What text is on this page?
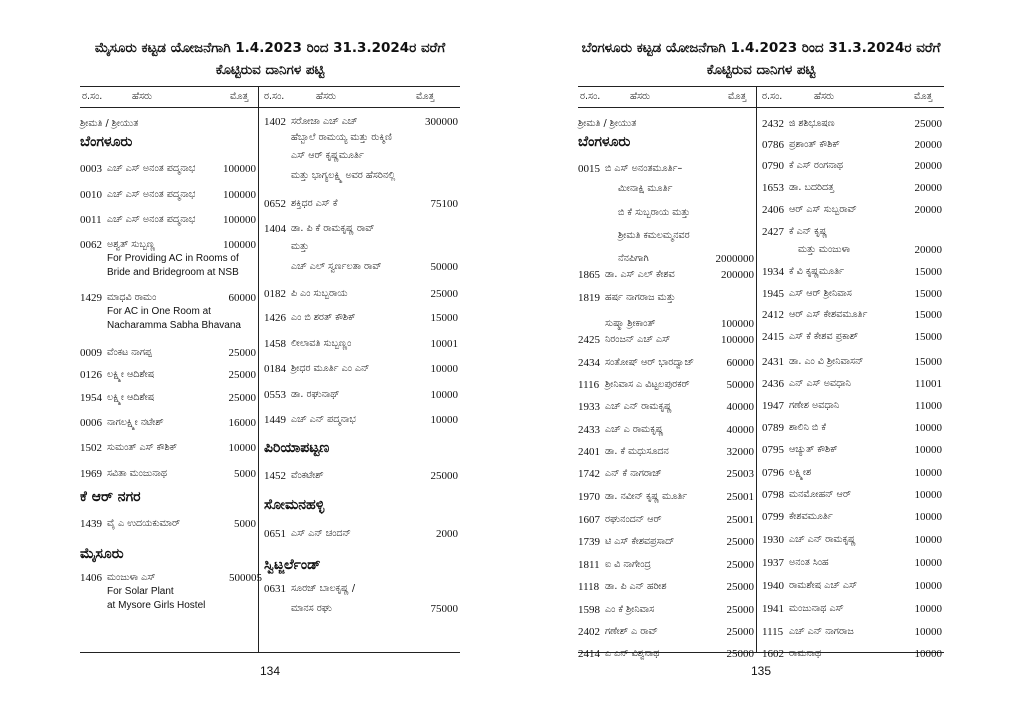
ಮೈಸೂರು ಕಟ್ಟಡ ಯೋಜನೆಗಾಗಿ 1.4.2023 ರಿಂದ 31.3.2024ರ ವರೆಗೆ
ಕೊಟ್ಟಿರುವ ದಾನಿಗಳ ಪಟ್ಟಿ
ರ.ಸಂ.	ಹೆಸರು	ಮೊತ್ತ ರ.ಸಂ.	ಹೆಸರು	ಮೊತ್ತ
ಶ್ರೀಮತಿ / ಶ್ರೀಯುತ
ಬೆಂಗಳೂರು
0003 ಎಚ್ ಎಸ್ ಅನಂತ ಪದ್ಮನಾಭ	100000
0010 ಎಚ್ ಎಸ್ ಅನಂತ ಪದ್ಮನಾಭ	100000
0011 ಎಚ್ ಎಸ್ ಅನಂತ ಪದ್ಮನಾಭ	100000
0062 ಅಶ್ವತ್ ಸುಬ್ಬಣ್ಣ	100000
For Providing AC in Rooms of
Bride and Bridegroom at NSB
1429 ಮಾಧವಿ ರಾಮಂ	60000
For AC in One Room at
Nacharamma Sabha Bhavana
0009 ವೆಂಕಟ ನಾಗಪ್ಪ	25000
0126 ಲಕ್ಷ್ಮೀ ಆದಿಶೇಷ	25000
1954 ಲಕ್ಷ್ಮೀ ಆದಿಶೇಷ	25000
0006 ನಾಗಲಕ್ಷ್ಮೀ ನಟೇಶ್	16000
1502 ಸುಮಂತ್ ಎಸ್ ಕೌಶಿಕ್	10000
1969 ಸವಿತಾ ಮಂಜುನಾಥ	5000
ಕೆ ಆರ್ ನಗರ
1439 ವೈ ಎ ಉದಯಕುಮಾರ್	5000
ಮೈಸೂರು
1406 ಮಂಜುಳಾ ಎಸ್	500005
For Solar Plant
at Mysore Girls Hostel
1402 ಸರೋಜಾ ಎಚ್ ಎಚ್	300000
ಹೆಬ್ಬಾಲೆ ರಾಮಯ್ಯ ಮತ್ತು ರುಕ್ಮಿಣಿ
ಎಸ್ ಆರ್ ಕೃಷ್ಣಮೂರ್ತಿ
ಮತ್ತು ಭಾಗ್ಯಲಕ್ಷ್ಮಿ ಅವರ ಹೆಸರಿನಲ್ಲಿ
0652 ಶಕ್ತಿಧರ ಎಸ್ ಕೆ	75100
1404 ಡಾ. ಪಿ ಕೆ ರಾಮಕೃಷ್ಣ ರಾವ್
ಮತ್ತು
ಎಚ್ ಎಲ್ ಸ್ವರ್ಣಲತಾ ರಾವ್	50000
0182 ಪಿ ಎಂ ಸುಬ್ಬರಾಯ	25000
1426 ಎಂ ಬಿ ಶರತ್ ಕೌಶಿಕ್	15000
1458 ಲೀಲಾವತಿ ಸುಬ್ಬಣ್ಣಂ	10001
0184 ಶ್ರೀಧರ ಮೂರ್ತಿ ಎಂ ಎನ್	10000
0553 ಡಾ. ರಘುನಾಥ್	10000
1449 ಎಚ್ ಎನ್ ಪದ್ಮನಾಭ	10000
ಪಿರಿಯಾಪಟ್ಟಣ
1452 ವೆಂಕಟೇಶ್	25000
ಸೋಮನಹಳ್ಳಿ
0651 ಎಸ್ ಎನ್ ಚಂದನ್	2000
ಸ್ವಿಟ್ಜರ್ಲೆಂಡ್
0631 ಸೂರಜ್ ಬಾಲಕೃಷ್ಣ /
ಮಾನಸ ರಘು	75000
134
ಬೆಂಗಳೂರು ಕಟ್ಟಡ ಯೋಜನೆಗಾಗಿ 1.4.2023 ರಿಂದ 31.3.2024ರ ವರೆಗೆ
ಕೊಟ್ಟಿರುವ ದಾನಿಗಳ ಪಟ್ಟಿ
ರ.ಸಂ.	ಹೆಸರು	ಮೊತ್ತ ರ.ಸಂ.	ಹೆಸರು	ಮೊತ್ತ
ಶ್ರೀಮತಿ / ಶ್ರೀಯುತ
ಬೆಂಗಳೂರು
0015 ಬಿ ಎಸ್ ಅನಂತಮೂರ್ತಿ–
ಮೀನಾಕ್ಷಿ ಮೂರ್ತಿ
ಬಿ ಕೆ ಸುಬ್ಬರಾಯ ಮತ್ತು
ಶ್ರೀಮತಿ ಕಮಲಮ್ಮನವರ
ನೆನಪಿಗಾಗಿ	2000000
1865 ಡಾ. ಎಸ್ ಎಲ್ ಕೇಶವ	200000
1819 ಹರ್ಷ ನಾಗರಾಜ ಮತ್ತು
ಸುಷ್ಮಾ ಶ್ರೀಕಾಂತ್	100000
2425 ನಿರಂಜನ್ ಎಚ್ ಎಸ್	100000
2434 ಸಂತೋಷ್ ಆರ್ ಭಾರದ್ವಾಜ್	60000
1116 ಶ್ರೀನಿವಾಸ ಎ ವಿಟ್ಟಲಪುರಕರ್	50000
1933 ಎಚ್ ಎನ್ ರಾಮಕೃಷ್ಣ	40000
2433 ಎಚ್ ಎ ರಾಮಕೃಷ್ಣ	40000
2401 ಡಾ. ಕೆ ಮಧುಸೂದನ	32000
1742 ಎನ್ ಕೆ ನಾಗರಾಜ್	25003
1970 ಡಾ. ನವೀನ್ ಕೃಷ್ಣ ಮೂರ್ತಿ	25001
1607 ರಘುನಂದನ್ ಆರ್	25001
1739 ಟಿ ಎಸ್ ಕೇಶವಪ್ರಸಾದ್	25000
1811 ಐ ವಿ ನಾಗೇಂದ್ರ	25000
1118 ಡಾ. ಪಿ ಎನ್ ಹರೀಶ	25000
1598 ಎಂ ಕೆ ಶ್ರೀನಿವಾಸ	25000
2402 ಗಣೇಶ್ ಎ ರಾವ್	25000
2414 ಎ ಎನ್ ವಿಶ್ವನಾಥ	25000
2432 ಜಿ ಶಶಿಭೂಷಣ	25000
0786 ಪ್ರಶಾಂತ್ ಕೌಶಿಕ್	20000
0790 ಕೆ ಎಸ್ ರಂಗನಾಥ	20000
1653 ಡಾ. ಬದರಿದತ್ತ	20000
2406 ಆರ್ ಎಸ್ ಸುಬ್ಬರಾವ್	20000
2427 ಕೆ ಎನ್ ಕೃಷ್ಣ
ಮತ್ತು ಮಂಜುಳಾ	20000
1934 ಕೆ ವಿ ಕೃಷ್ಣಮೂರ್ತಿ	15000
1945 ಎಸ್ ಆರ್ ಶ್ರೀನಿವಾಸ	15000
2412 ಆರ್ ಎಸ್ ಕೇಶವಮೂರ್ತಿ	15000
2415 ಎಸ್ ಕೆ ಕೇಶವ ಪ್ರಕಾಶ್	15000
2431 ಡಾ. ಎಂ ವಿ ಶ್ರೀನಿವಾಸನ್	15000
2436 ಎನ್ ಎಸ್ ಅವಧಾನಿ	11001
1947 ಗಣೇಶ ಅವಧಾನಿ	11000
0789 ಶಾಲಿನಿ ಬಿ ಕೆ	10000
0795 ಆಚ್ಯುತ್ ಕೌಶಿಕ್	10000
0796 ಲಕ್ಷ್ಮೀಶ	10000
0798 ಮನಮೋಹನ್ ಆರ್	10000
0799 ಕೇಶವಮೂರ್ತಿ	10000
1930 ಎಚ್ ಎನ್ ರಾಮಕೃಷ್ಣ	10000
1937 ಅನಂತ ಸಿಂಹ	10000
1940 ರಾಮಶೇಷ ಎಚ್ ಎಸ್	10000
1941 ಮಂಜುನಾಥ ಎಸ್	10000
1115 ಎಚ್ ಎನ್ ನಾಗರಾಜ	10000
1602 ರಾಮನಾಥ	10000
135
